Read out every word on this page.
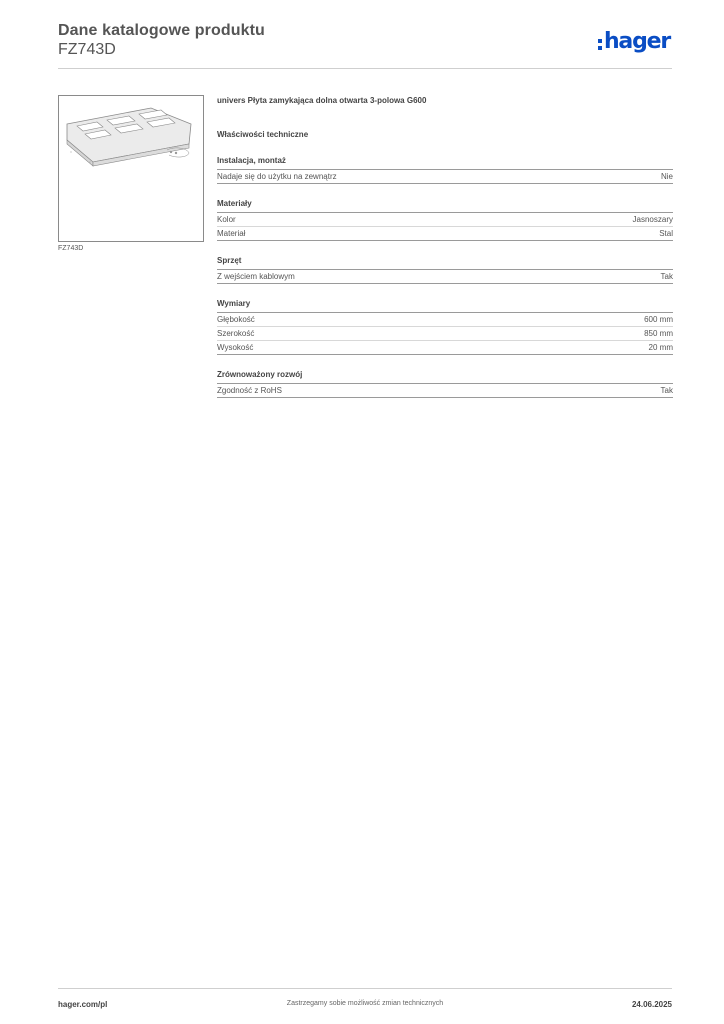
Dane katalogowe produktu
FZ743D	hager
FZ743D
univers Płyta zamykająca dolna otwarta 3-polowa G600
Właściwości techniczne
Instalacja, montaż
Nadaje się do użytku na zewnątrz	Nie
Materiały
Kolor	Jasnoszary
Materiał	Stal
Sprzęt
Z wejściem kablowym	Tak
Wymiary
Głębokość	600 mm
Szerokość	850 mm
Wysokość	20 mm
Zrównoważony rozwój
Zgodność z RoHS	Tak
hager.com/pl	Zastrzegamy sobie możliwość zmian technicznych	24.06.2025
